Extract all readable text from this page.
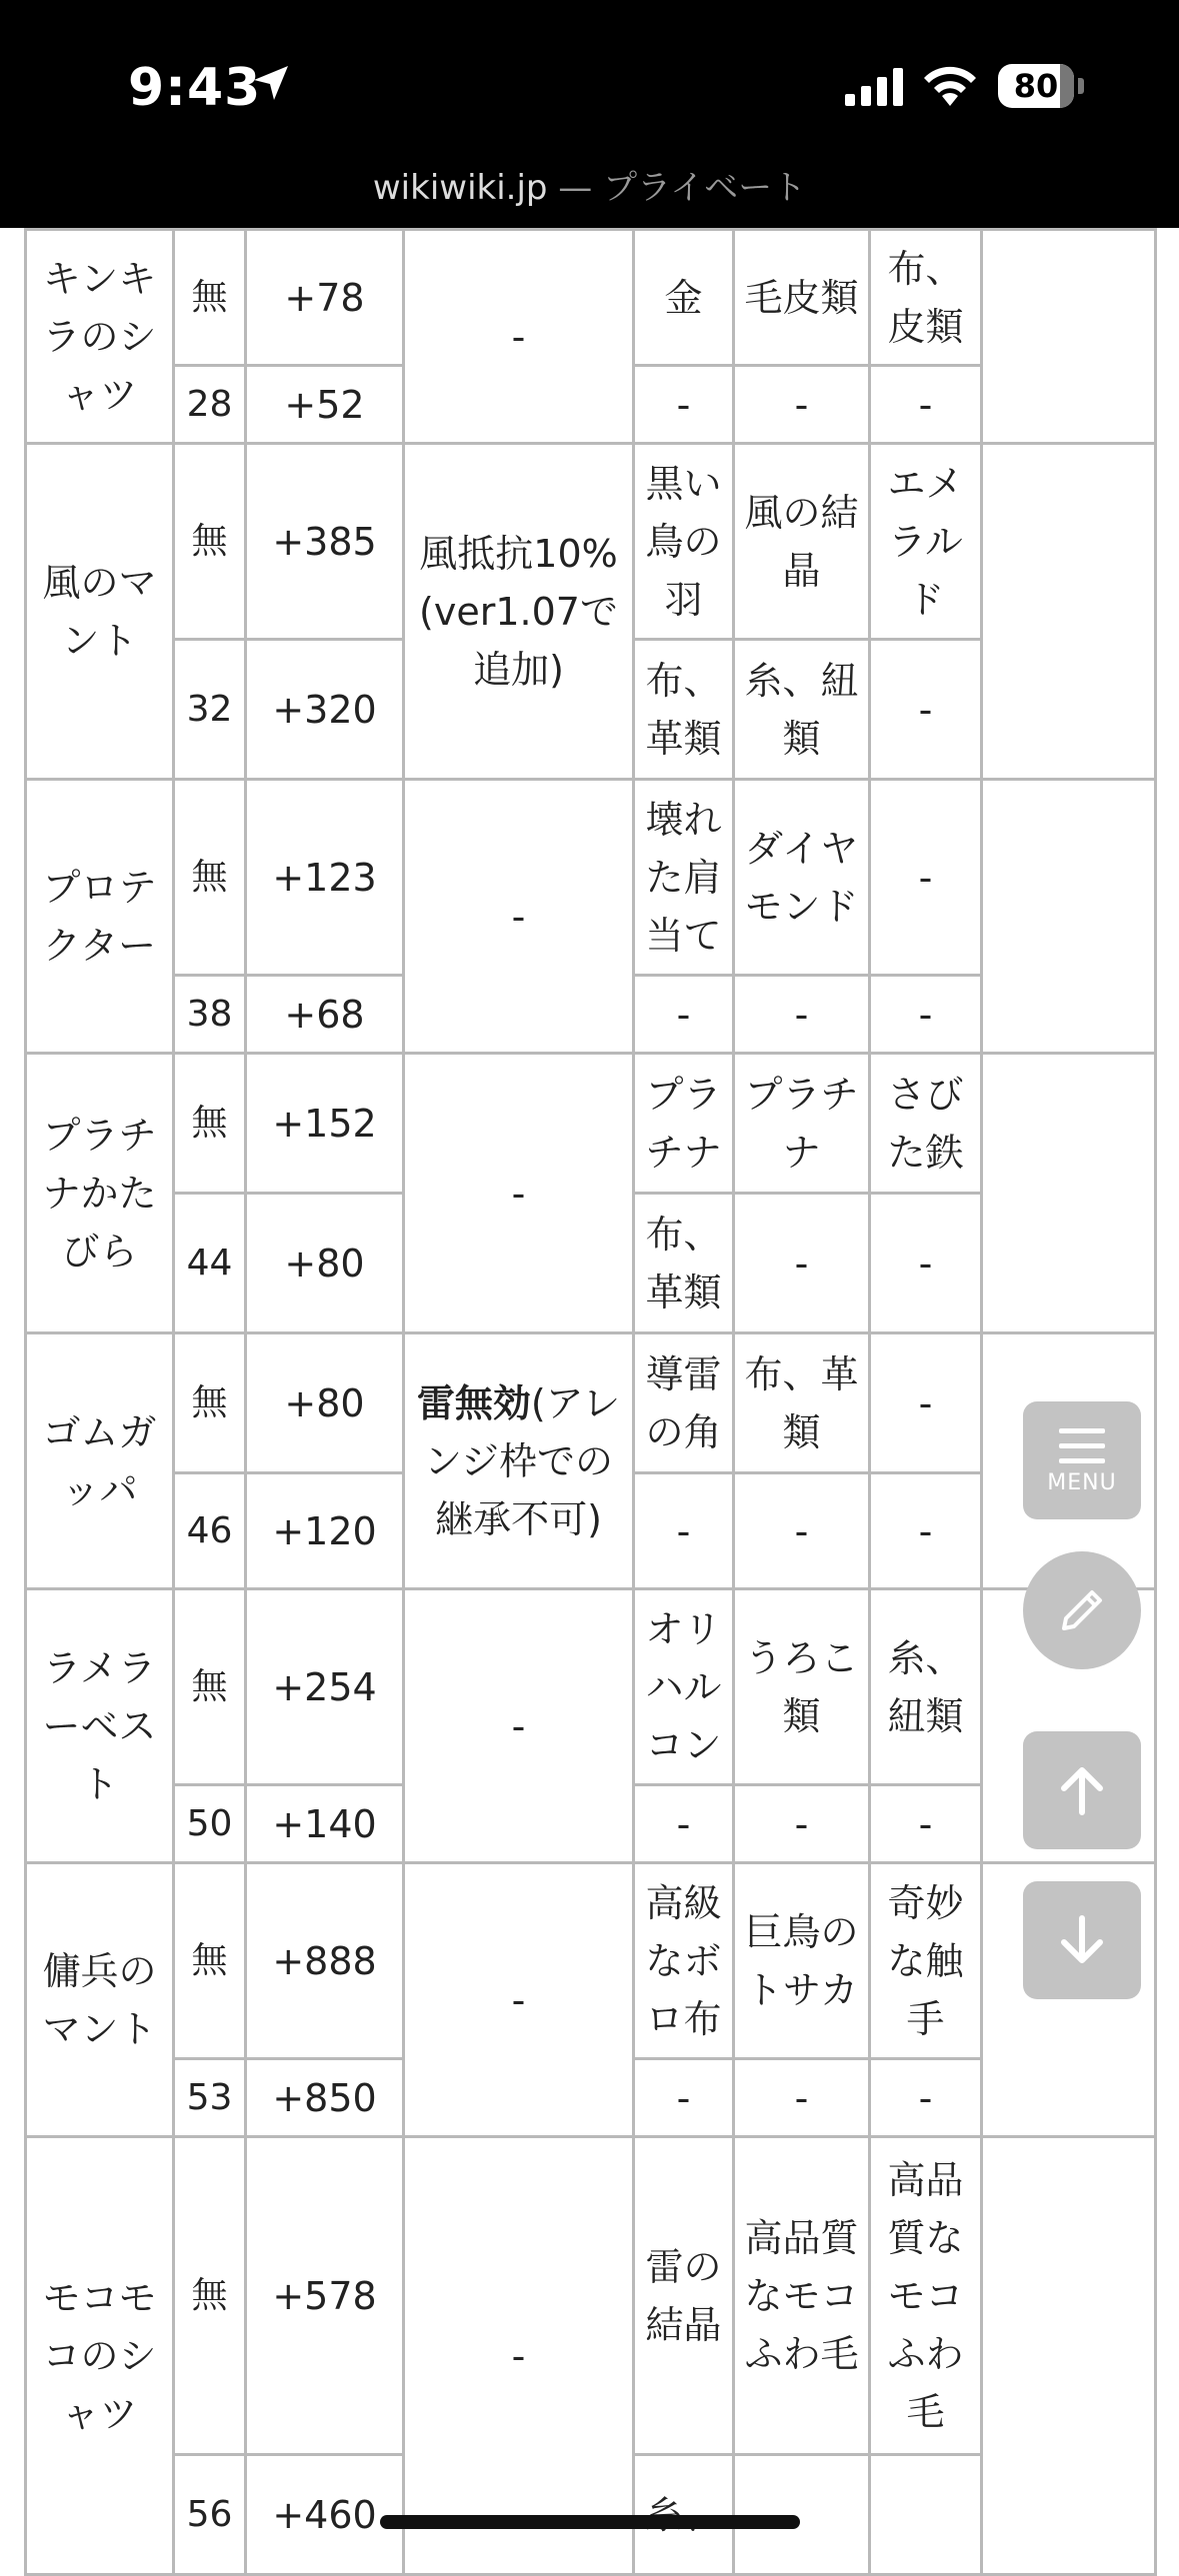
9:43	80
wikiwiki.jp — プライベート
キンキラのシャツ	無	+78	-	金	毛皮類	布、皮類	
	28	+52		-	-	-	
風のマント	無	+385	風抵抗10%(ver1.07で追加)	黒い鳥の羽	風の結晶	エメラルド	
	32	+320		布、革類	糸、紐類	-	
プロテクター	無	+123	-	壊れた肩当て	ダイヤモンド	-	
	38	+68		-	-	-	
プラチナかたびら	無	+152	-	プラチナ	プラチナ	さびた鉄	
	44	+80		布、革類	-	-	
ゴムガッパ	無	+80	雷無効(アレンジ枠での継承不可)	導雷の角	布、革類	-	
	46	+120		-	-	-	
ラメラーベスト	無	+254	-	オリハルコン	うろこ類	糸、紐類	
	50	+140		-	-	-	
傭兵のマント	無	+888	-	高級なボロ布	巨鳥のトサカ	奇妙な触手	
	53	+850		-	-	-	
モコモコのシャツ	無	+578	-	雷の結晶	高品質なモコふわ毛	高品質なモコふわ毛	
	56	+460			
MENU
